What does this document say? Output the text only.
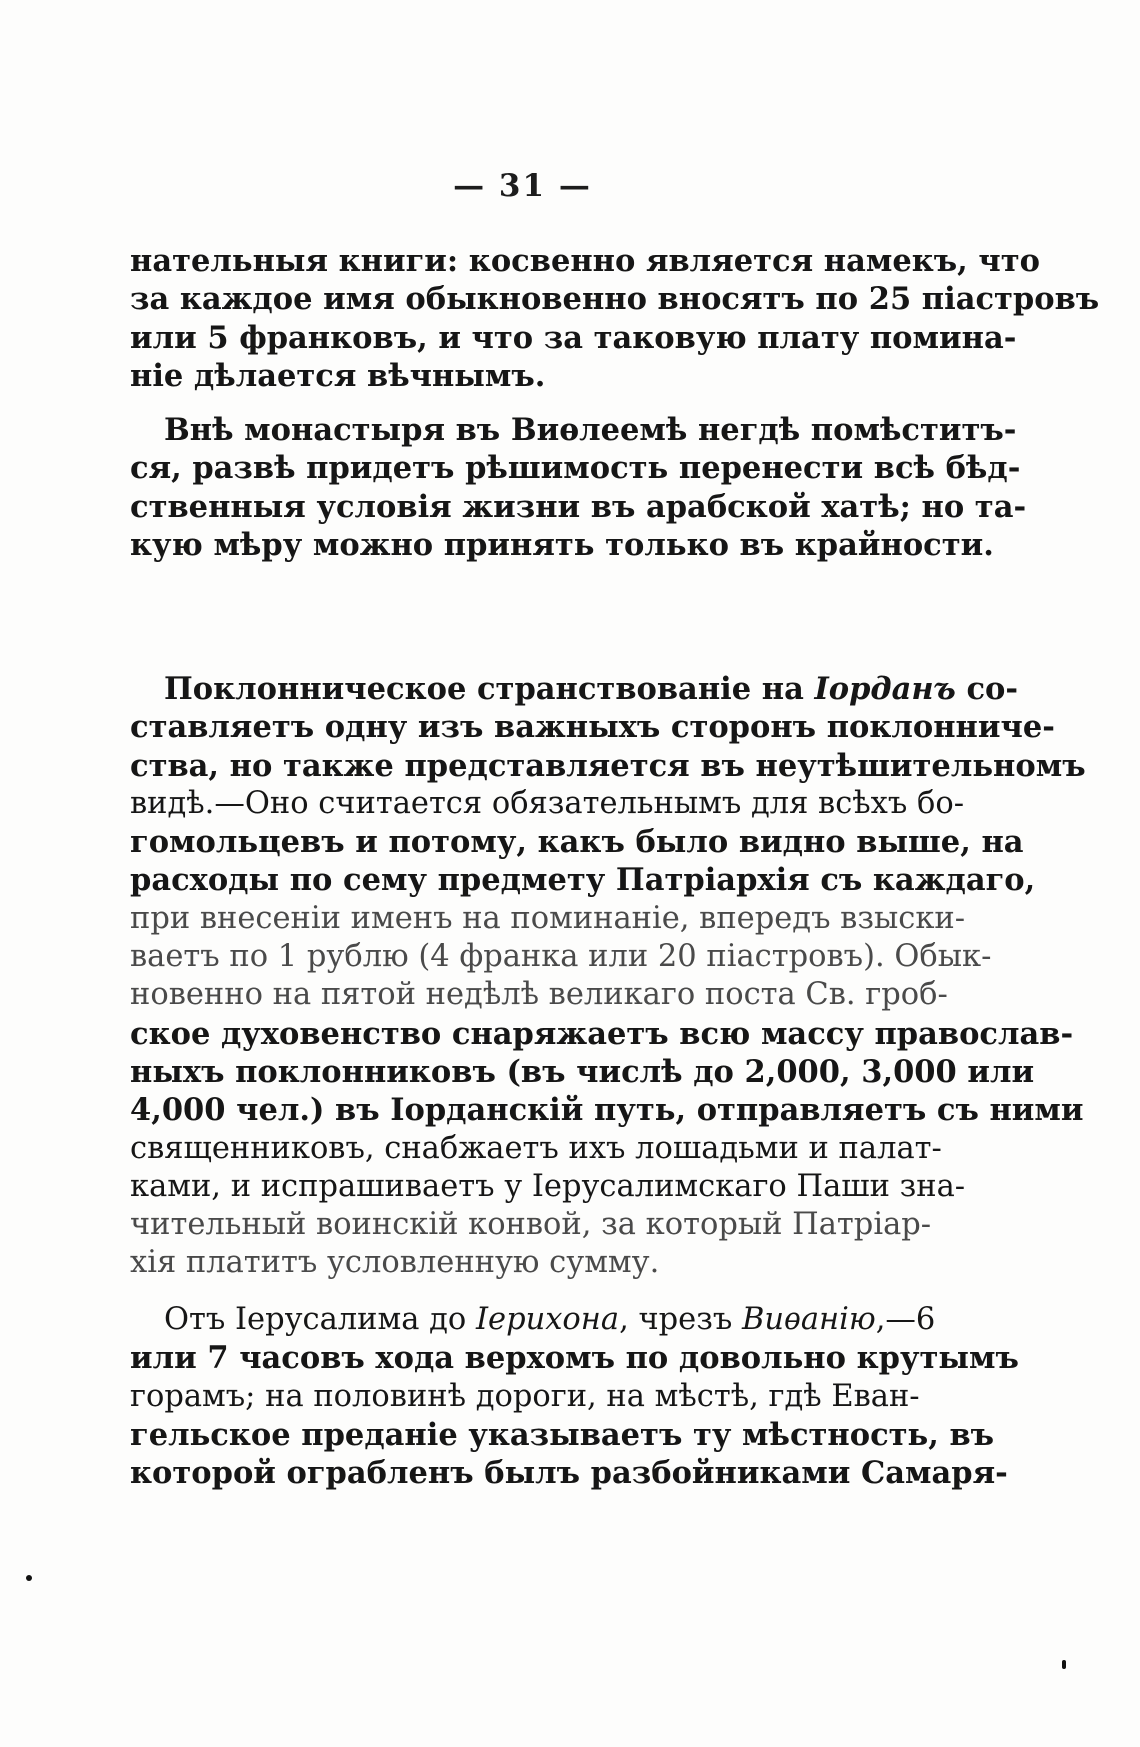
— 31 —
нательныя книги: косвенно является намекъ, что
за каждое имя обыкновенно вносятъ по 25 піастровъ
или 5 франковъ, и что за таковую плату помина-
ніе дѣлается вѣчнымъ.
Внѣ монастыря въ Виѳлеемѣ негдѣ помѣститъ-
ся, развѣ придетъ рѣшимость перенести всѣ бѣд-
ственныя условія жизни въ арабской хатѣ; но та-
кую мѣру можно принять только въ крайности.
Поклонническое странствованіе на Іорданъ со-
ставляетъ одну изъ важныхъ сторонъ поклонниче-
ства, но также представляется въ неутѣшительномъ
видѣ.—Оно считается обязательнымъ для всѣхъ бо-
гомольцевъ и потому, какъ было видно выше, на
расходы по сему предмету Патріархія съ каждаго,
при внесеніи именъ на поминаніе, впередъ взыски-
ваетъ по 1 рублю (4 франка или 20 піастровъ). Обык-
новенно на пятой недѣлѣ великаго поста Св. гроб-
ское духовенство снаряжаетъ всю массу православ-
ныхъ поклонниковъ (въ числѣ до 2,000, 3,000 или
4,000 чел.) въ Іорданскій путь, отправляетъ съ ними
священниковъ, снабжаетъ ихъ лошадьми и палат-
ками, и испрашиваетъ у Іерусалимскаго Паши зна-
чительный воинскій конвой, за который Патріар-
хія платитъ условленную сумму.
Отъ Іерусалима до Іерихона, чрезъ Виѳанію,—6
или 7 часовъ хода верхомъ по довольно крутымъ
горамъ; на половинѣ дороги, на мѣстѣ, гдѣ Еван-
гельское преданіе указываетъ ту мѣстность, въ
которой ограбленъ былъ разбойниками Самаря-
